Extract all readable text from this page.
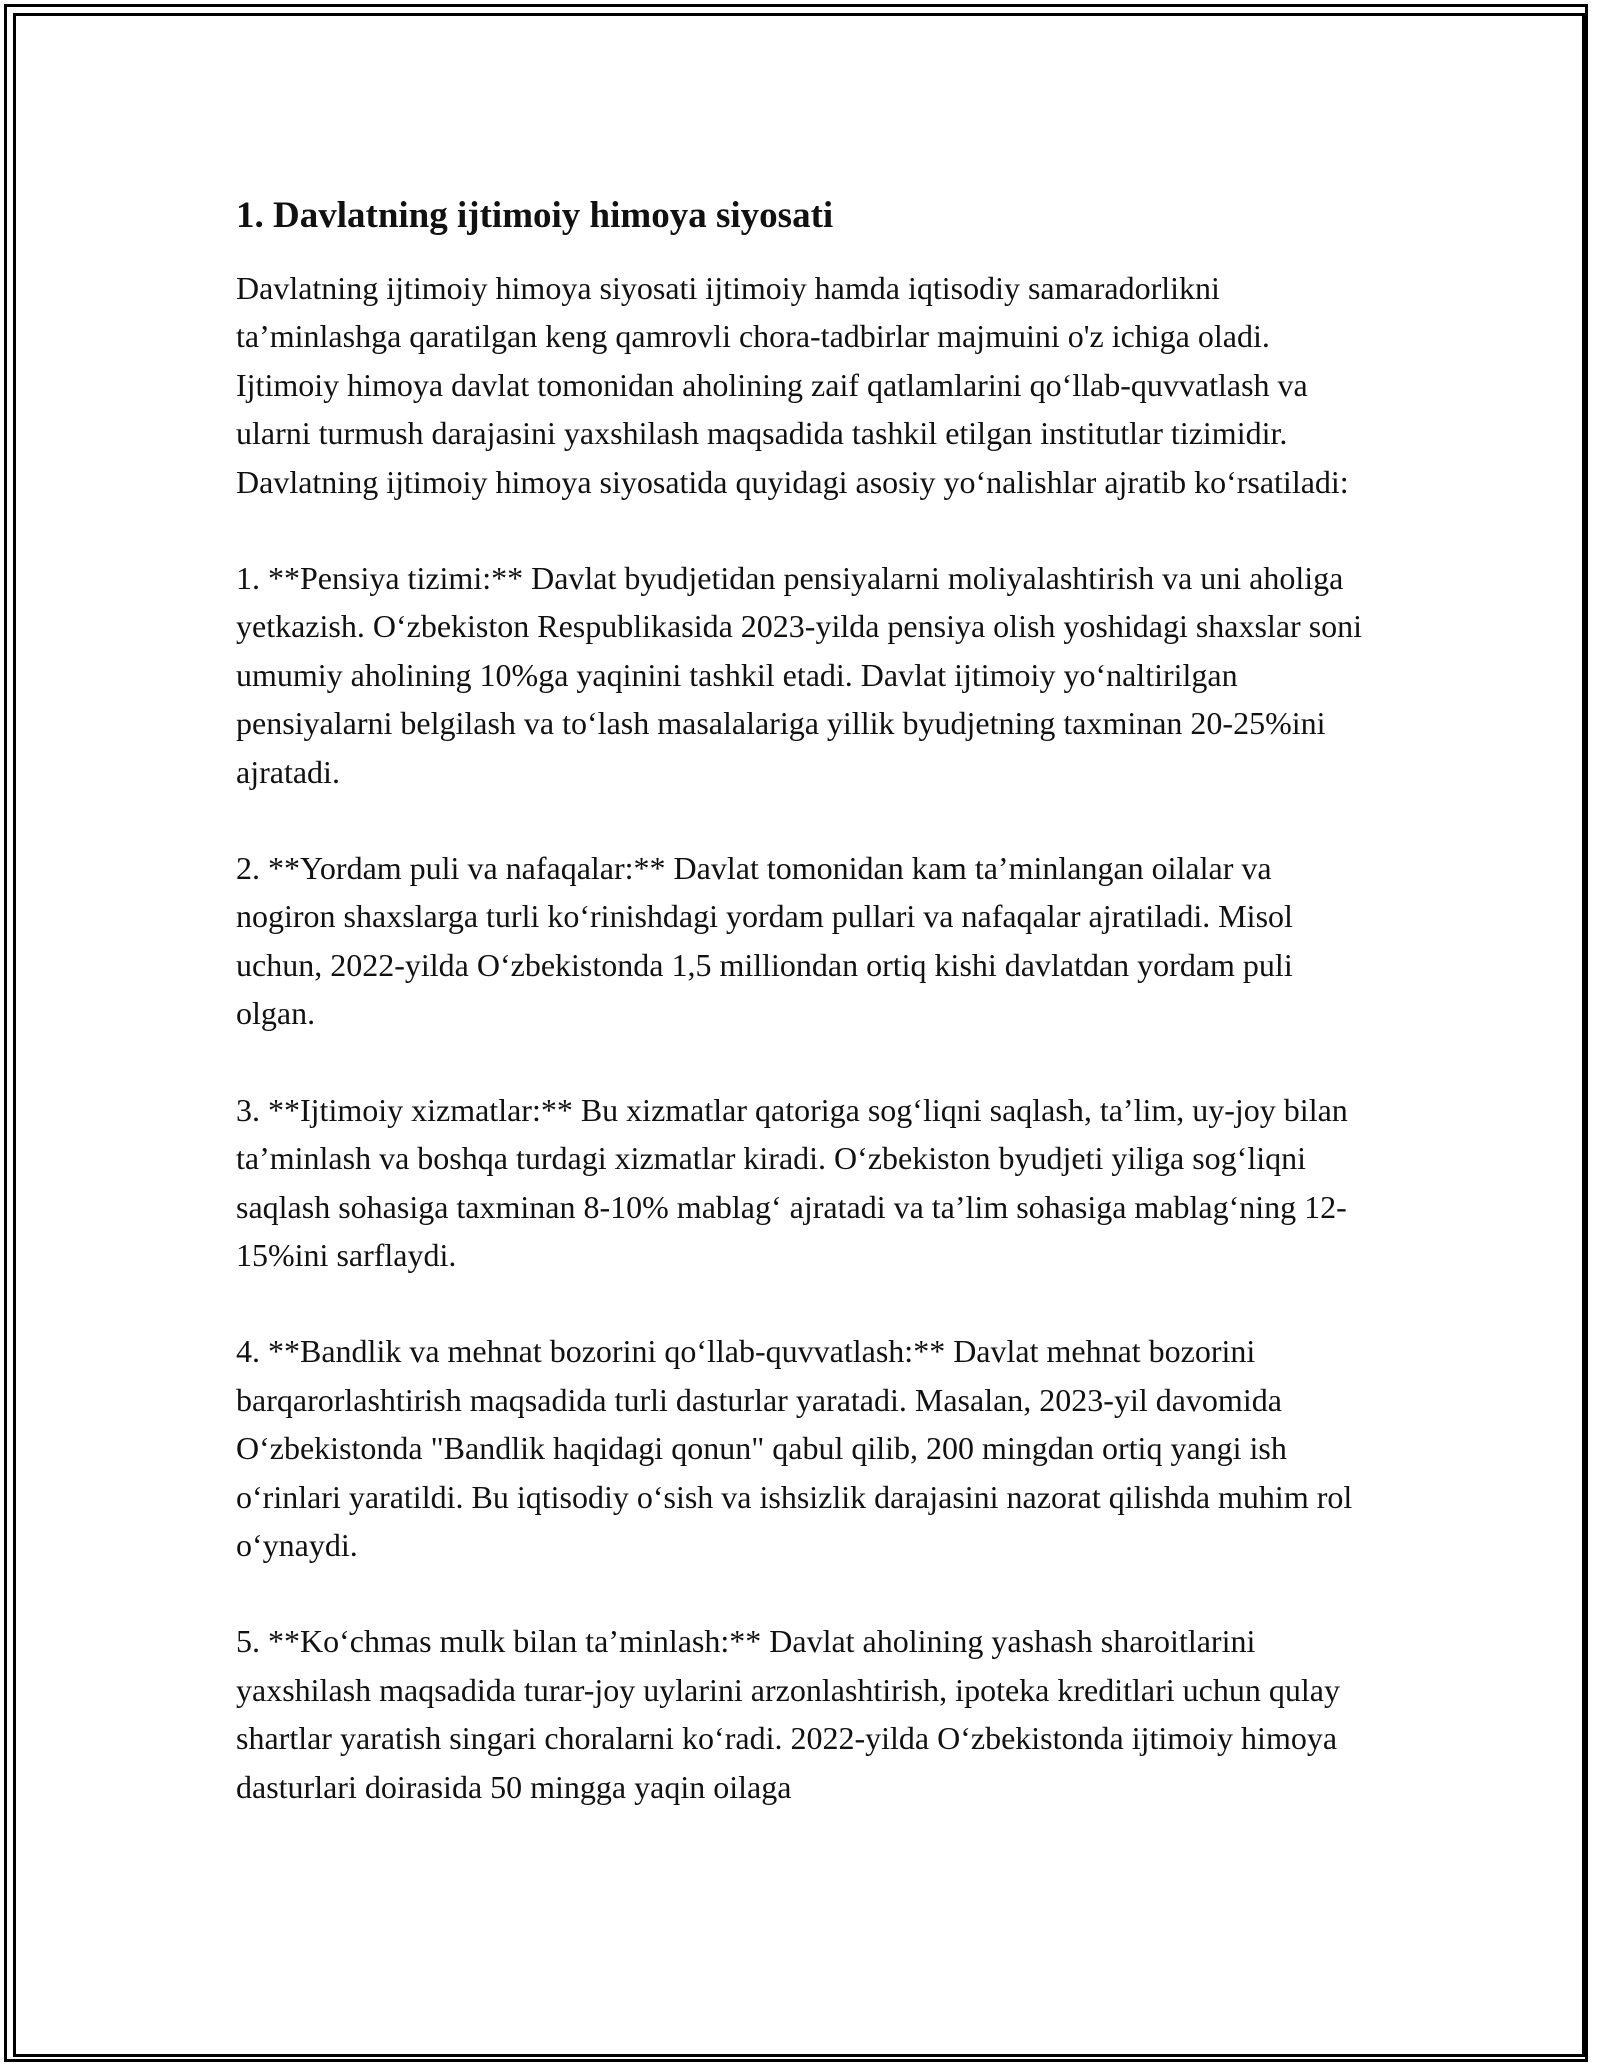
1. Davlatning ijtimoiy himoya siyosati

Davlatning ijtimoiy himoya siyosati ijtimoiy hamda iqtisodiy samaradorlikni ta’minlashga qaratilgan keng qamrovli chora-tadbirlar majmuini o'z ichiga oladi. Ijtimoiy himoya davlat tomonidan aholining zaif qatlamlarini qo‘llab-quvvatlash va ularni turmush darajasini yaxshilash maqsadida tashkil etilgan institutlar tizimidir. Davlatning ijtimoiy himoya siyosatida quyidagi asosiy yo‘nalishlar ajratib ko‘rsatiladi:

1. **Pensiya tizimi:** Davlat byudjetidan pensiyalarni moliyalashtirish va uni aholiga yetkazish. O‘zbekiston Respublikasida 2023-yilda pensiya olish yoshidagi shaxslar soni umumiy aholining 10%ga yaqinini tashkil etadi. Davlat ijtimoiy yo‘naltirilgan pensiyalarni belgilash va to‘lash masalalariga yillik byudjetning taxminan 20-25%ini ajratadi.

2. **Yordam puli va nafaqalar:** Davlat tomonidan kam ta’minlangan oilalar va nogiron shaxslarga turli ko‘rinishdagi yordam pullari va nafaqalar ajratiladi. Misol uchun, 2022-yilda O‘zbekistonda 1,5 milliondan ortiq kishi davlatdan yordam puli olgan.

3. **Ijtimoiy xizmatlar:** Bu xizmatlar qatoriga sog‘liqni saqlash, ta’lim, uy-joy bilan ta’minlash va boshqa turdagi xizmatlar kiradi. O‘zbekiston byudjeti yiliga sog‘liqni saqlash sohasiga taxminan 8-10% mablag‘ ajratadi va ta’lim sohasiga mablag‘ning 12-15%ini sarflaydi.

4. **Bandlik va mehnat bozorini qo‘llab-quvvatlash:** Davlat mehnat bozorini barqarorlashtirish maqsadida turli dasturlar yaratadi. Masalan, 2023-yil davomida O‘zbekistonda "Bandlik haqidagi qonun" qabul qilib, 200 mingdan ortiq yangi ish o‘rinlari yaratildi. Bu iqtisodiy o‘sish va ishsizlik darajasini nazorat qilishda muhim rol o‘ynaydi.

5. **Ko‘chmas mulk bilan ta’minlash:** Davlat aholining yashash sharoitlarini yaxshilash maqsadida turar-joy uylarini arzonlashtirish, ipoteka kreditlari uchun qulay shartlar yaratish singari choralarni ko‘radi. 2022-yilda O‘zbekistonda ijtimoiy himoya dasturlari doirasida 50 mingga yaqin oilaga
